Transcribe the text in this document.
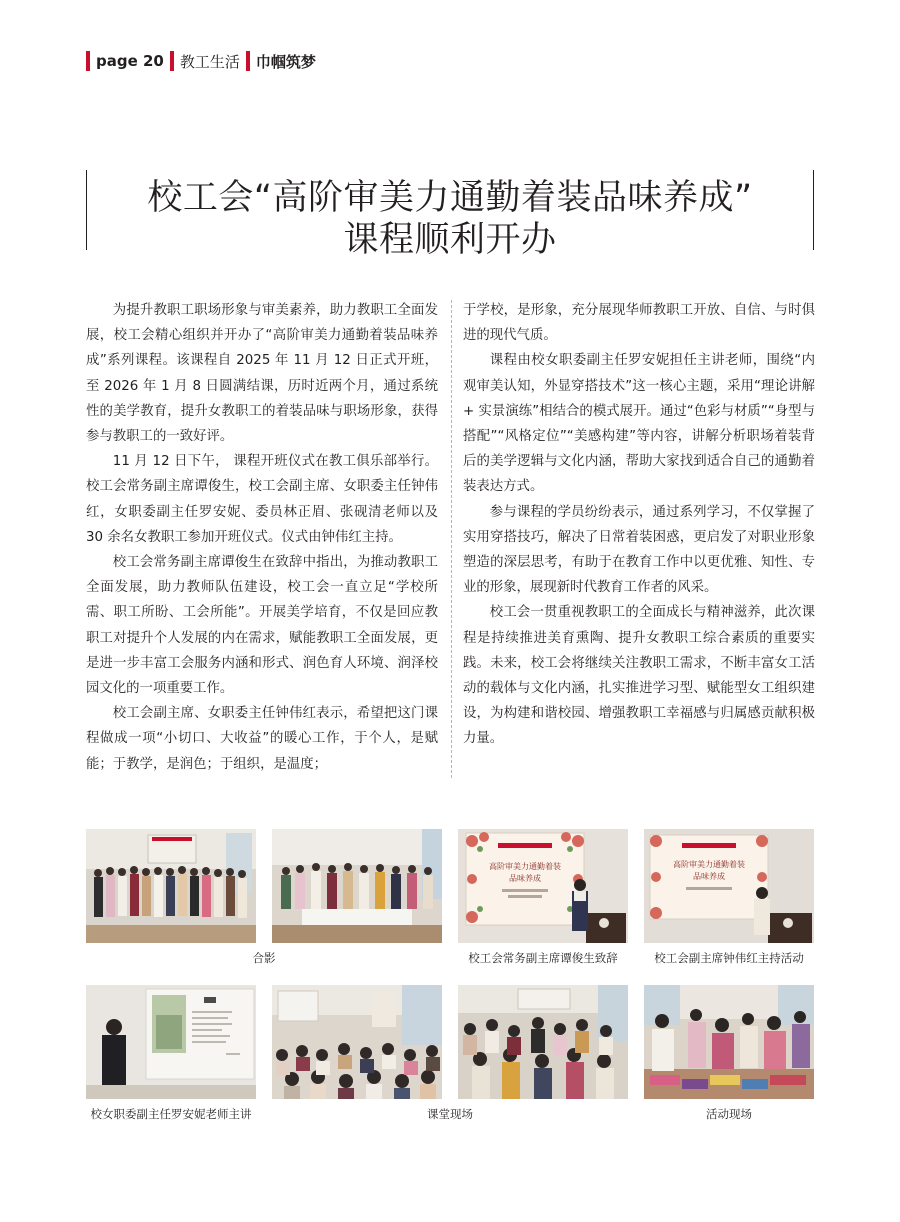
page 20 教工生活 巾帼筑梦
校工会“高阶审美力通勤着装品味养成”
课程顺利开办

为提升教职工职场形象与审美素养，助力教职工全面发展，校工会精心组织并开办了“高阶审美力通勤着装品味养成”系列课程。该课程自 2025 年 11 月 12 日正式开班，至 2026 年 1 月 8 日圆满结课，历时近两个月，通过系统性的美学教育，提升女教职工的着装品味与职场形象，获得参与教职工的一致好评。

11 月 12 日下午， 课程开班仪式在教工俱乐部举行。校工会常务副主席谭俊生，校工会副主席、女职委主任钟伟红，女职委副主任罗安妮、委员林正眉、张砚清老师以及 30 余名女教职工参加开班仪式。仪式由钟伟红主持。

校工会常务副主席谭俊生在致辞中指出，为推动教职工全面发展，助力教师队伍建设，校工会一直立足“学校所需、职工所盼、工会所能”。开展美学培育，不仅是回应教职工对提升个人发展的内在需求，赋能教职工全面发展，更是进一步丰富工会服务内涵和形式、润色育人环境、润泽校园文化的一项重要工作。

校工会副主席、女职委主任钟伟红表示，希望把这门课程做成一项“小切口、大收益”的暖心工作，于个人，是赋能；于教学，是润色；于组织，是温度；

于学校，是形象，充分展现华师教职工开放、自信、与时俱进的现代气质。

课程由校女职委副主任罗安妮担任主讲老师，围绕“内观审美认知，外显穿搭技术”这一核心主题，采用“理论讲解 + 实景演练”相结合的模式展开。通过“色彩与材质”“身型与搭配”“风格定位”“美感构建”等内容，讲解分析职场着装背后的美学逻辑与文化内涵，帮助大家找到适合自己的通勤着装表达方式。

参与课程的学员纷纷表示，通过系列学习，不仅掌握了实用穿搭技巧，解决了日常着装困惑，更启发了对职业形象塑造的深层思考，有助于在教育工作中以更优雅、知性、专业的形象，展现新时代教育工作者的风采。

校工会一贯重视教职工的全面成长与精神滋养，此次课程是持续推进美育熏陶、提升女教职工综合素质的重要实践。未来，校工会将继续关注教职工需求，不断丰富女工活动的载体与文化内涵，扎实推进学习型、赋能型女工组织建设，为构建和谐校园、增强教职工幸福感与归属感贡献积极力量。

高阶审美力通勤着装
品味养成
高阶审美力通勤着装
品味养成
合影	校工会常务副主席谭俊生致辞	校工会副主席钟伟红主持活动
校女职委副主任罗安妮老师主讲	课堂现场	活动现场
